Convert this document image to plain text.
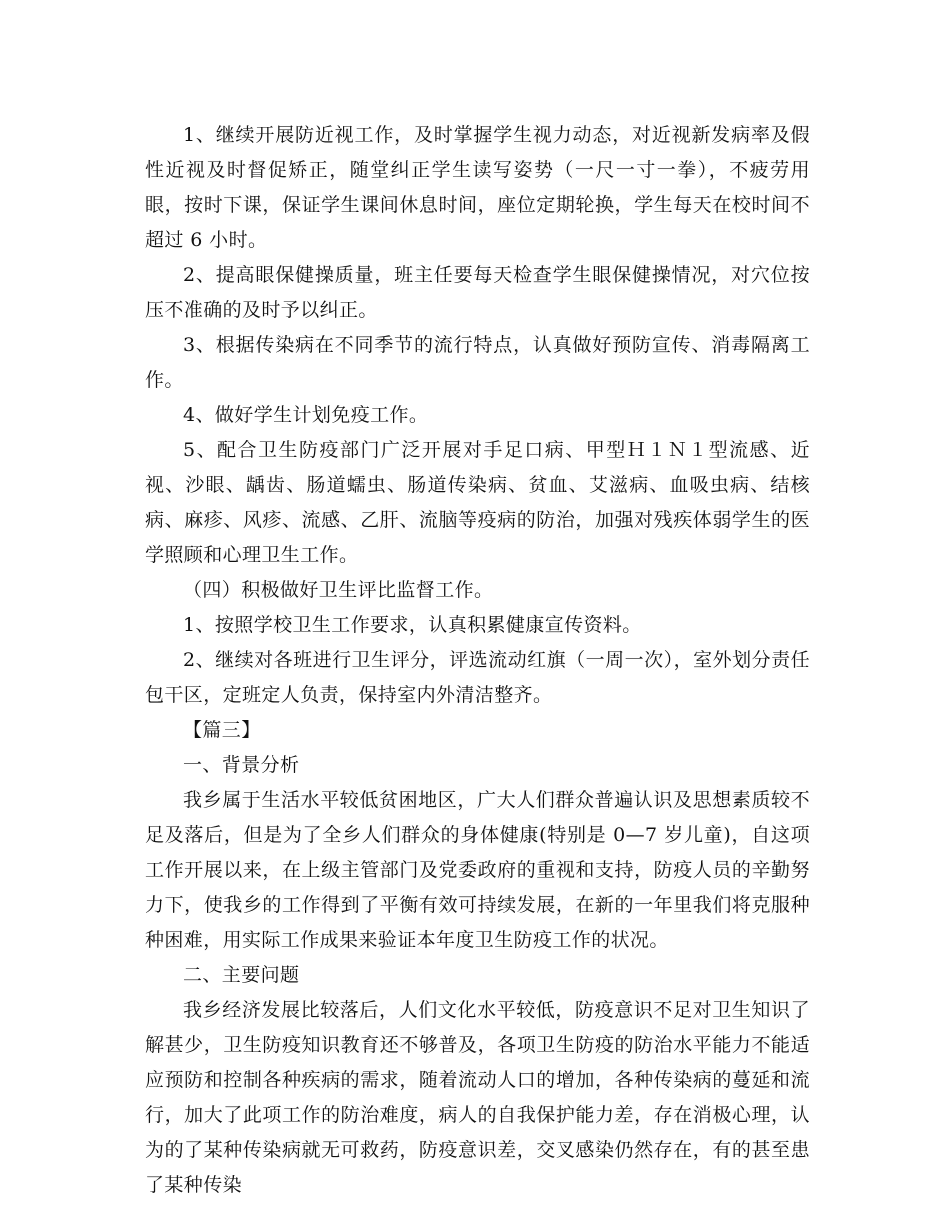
1、继续开展防近视工作，及时掌握学生视力动态，对近视新发病率及假性近视及时督促矫正，随堂纠正学生读写姿势（一尺一寸一拳），不疲劳用眼，按时下课，保证学生课间休息时间，座位定期轮换，学生每天在校时间不超过 6 小时。

2、提高眼保健操质量，班主任要每天检查学生眼保健操情况，对穴位按压不准确的及时予以纠正。

3、根据传染病在不同季节的流行特点，认真做好预防宣传、消毒隔离工作。

4、做好学生计划免疫工作。

5、配合卫生防疫部门广泛开展对手足口病、甲型Ｈ１Ｎ１型流感、近视、沙眼、龋齿、肠道蠕虫、肠道传染病、贫血、艾滋病、血吸虫病、结核病、麻疹、风疹、流感、乙肝、流脑等疫病的防治，加强对残疾体弱学生的医学照顾和心理卫生工作。

（四）积极做好卫生评比监督工作。

1、按照学校卫生工作要求，认真积累健康宣传资料。

2、继续对各班进行卫生评分，评选流动红旗（一周一次），室外划分责任包干区，定班定人负责，保持室内外清洁整齐。

【篇三】

一、背景分析

我乡属于生活水平较低贫困地区，广大人们群众普遍认识及思想素质较不足及落后，但是为了全乡人们群众的身体健康(特别是 0—7 岁儿童)，自这项工作开展以来，在上级主管部门及党委政府的重视和支持，防疫人员的辛勤努力下，使我乡的工作得到了平衡有效可持续发展，在新的一年里我们将克服种种困难，用实际工作成果来验证本年度卫生防疫工作的状况。

二、主要问题

我乡经济发展比较落后，人们文化水平较低，防疫意识不足对卫生知识了解甚少，卫生防疫知识教育还不够普及，各项卫生防疫的防治水平能力不能适应预防和控制各种疾病的需求，随着流动人口的增加，各种传染病的蔓延和流行，加大了此项工作的防治难度，病人的自我保护能力差，存在消极心理，认为的了某种传染病就无可救药，防疫意识差，交叉感染仍然存在，有的甚至患了某种传染
